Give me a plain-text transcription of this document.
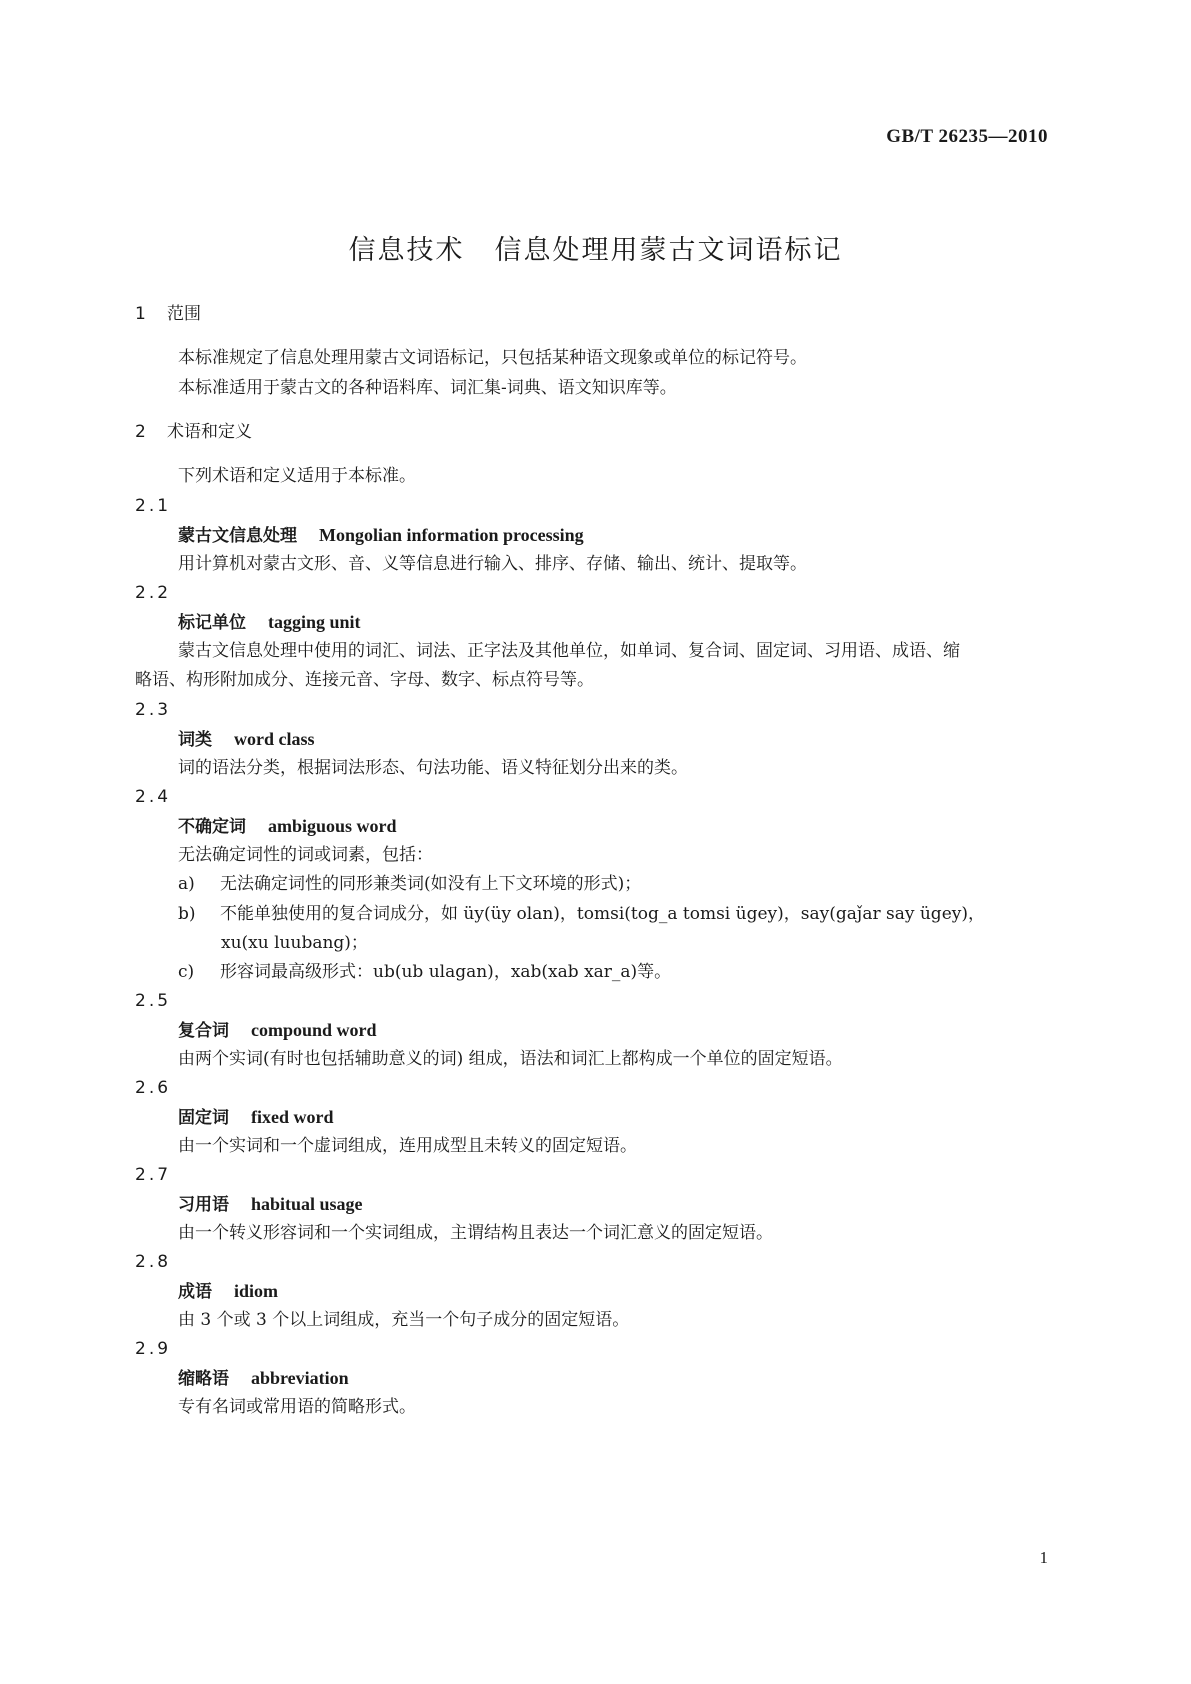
GB/T 26235—2010
信息技术 信息处理用蒙古文词语标记
1 范围
本标准规定了信息处理用蒙古文词语标记，只包括某种语文现象或单位的标记符号。
本标准适用于蒙古文的各种语料库、词汇集-词典、语文知识库等。
2 术语和定义
下列术语和定义适用于本标准。
2.1
蒙古文信息处理 Mongolian information processing
用计算机对蒙古文形、音、义等信息进行输入、排序、存储、输出、统计、提取等。
2.2
标记单位 tagging unit
蒙古文信息处理中使用的词汇、词法、正字法及其他单位，如单词、复合词、固定词、习用语、成语、缩
略语、构形附加成分、连接元音、字母、数字、标点符号等。
2.3
词类 word class
词的语法分类，根据词法形态、句法功能、语义特征划分出来的类。
2.4
不确定词 ambiguous word
无法确定词性的词或词素，包括：
a) 无法确定词性的同形兼类词(如没有上下文环境的形式)；
b) 不能单独使用的复合词成分，如 üy(üy olan)，tomsi(tog_a tomsi ügey)，say(gaǰar say ügey)，
xu(xu luubang)；
c) 形容词最高级形式：ub(ub ulagan)，xab(xab xar_a)等。
2.5
复合词 compound word
由两个实词(有时也包括辅助意义的词) 组成，语法和词汇上都构成一个单位的固定短语。
2.6
固定词 fixed word
由一个实词和一个虚词组成，连用成型且未转义的固定短语。
2.7
习用语 habitual usage
由一个转义形容词和一个实词组成，主谓结构且表达一个词汇意义的固定短语。
2.8
成语 idiom
由 3 个或 3 个以上词组成，充当一个句子成分的固定短语。
2.9
缩略语 abbreviation
专有名词或常用语的简略形式。
1
